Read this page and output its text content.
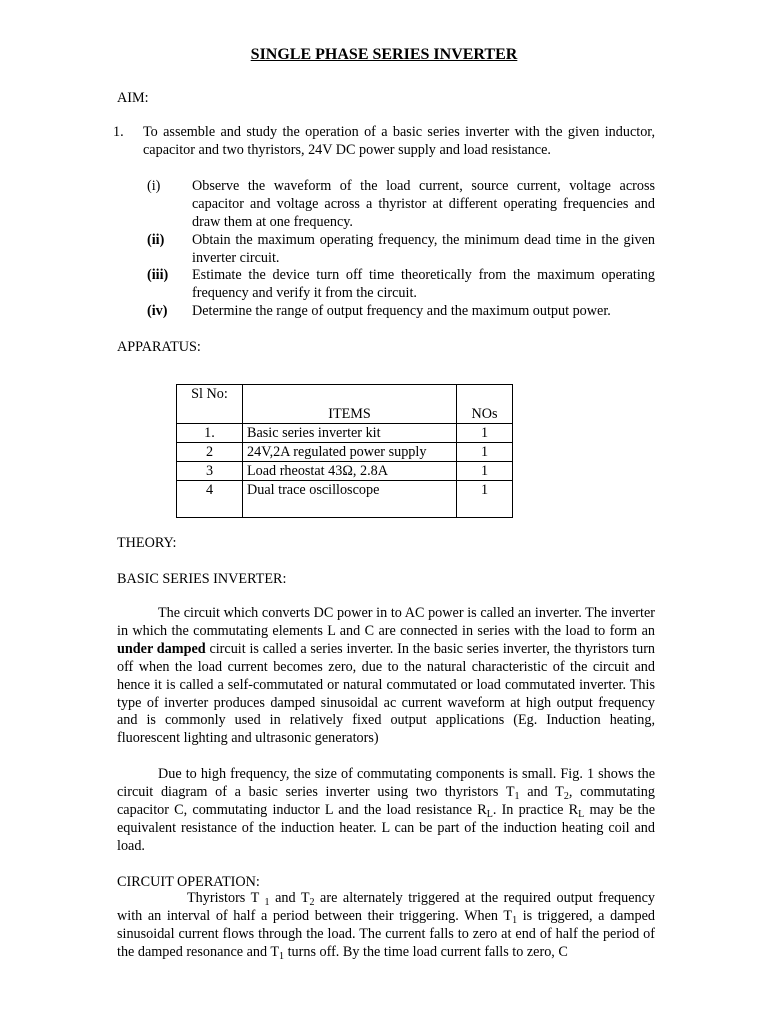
SINGLE PHASE SERIES INVERTER
AIM:
1. To assemble and study the operation of a basic series inverter with the given inductor, capacitor and two thyristors, 24V DC power supply and load resistance.
(i) Observe the waveform of the load current, source current, voltage across capacitor and voltage across a thyristor at different operating frequencies and draw them at one frequency.
(ii) Obtain the maximum operating frequency, the minimum dead time in the given inverter circuit.
(iii) Estimate the device turn off time theoretically from the maximum operating frequency and verify it from the circuit.
(iv) Determine the range of output frequency and the maximum output power.
APPARATUS:
Sl No:	ITEMS	NOs
1.	Basic series inverter kit	1
2	24V,2A regulated power supply	1
3	Load rheostat 43Ω, 2.8A	1
4	Dual trace oscilloscope	1
THEORY:
BASIC SERIES INVERTER:
The circuit which converts DC power in to AC power is called an inverter. The inverter in which the commutating elements L and C are connected in series with the load to form an under damped circuit is called a series inverter. In the basic series inverter, the thyristors turn off when the load current becomes zero, due to the natural characteristic of the circuit and hence it is called a self-commutated or natural commutated or load commutated inverter. This type of inverter produces damped sinusoidal ac current waveform at high output frequency and is commonly used in relatively fixed output applications (Eg. Induction heating, fluorescent lighting and ultrasonic generators)
Due to high frequency, the size of commutating components is small. Fig. 1 shows the circuit diagram of a basic series inverter using two thyristors $T_1$ and $T_2$, commutating capacitor C, commutating inductor L and the load resistance $R_L$. In practice $R_L$ may be the equivalent resistance of the induction heater. L can be part of the induction heating coil and load.
CIRCUIT OPERATION:
Thyristors T $_1$ and $T_2$ are alternately triggered at the required output frequency with an interval of half a period between their triggering. When $T_1$ is triggered, a damped sinusoidal current flows through the load. The current falls to zero at end of half the period of the damped resonance and $T_1$ turns off. By the time load current falls to zero, C
